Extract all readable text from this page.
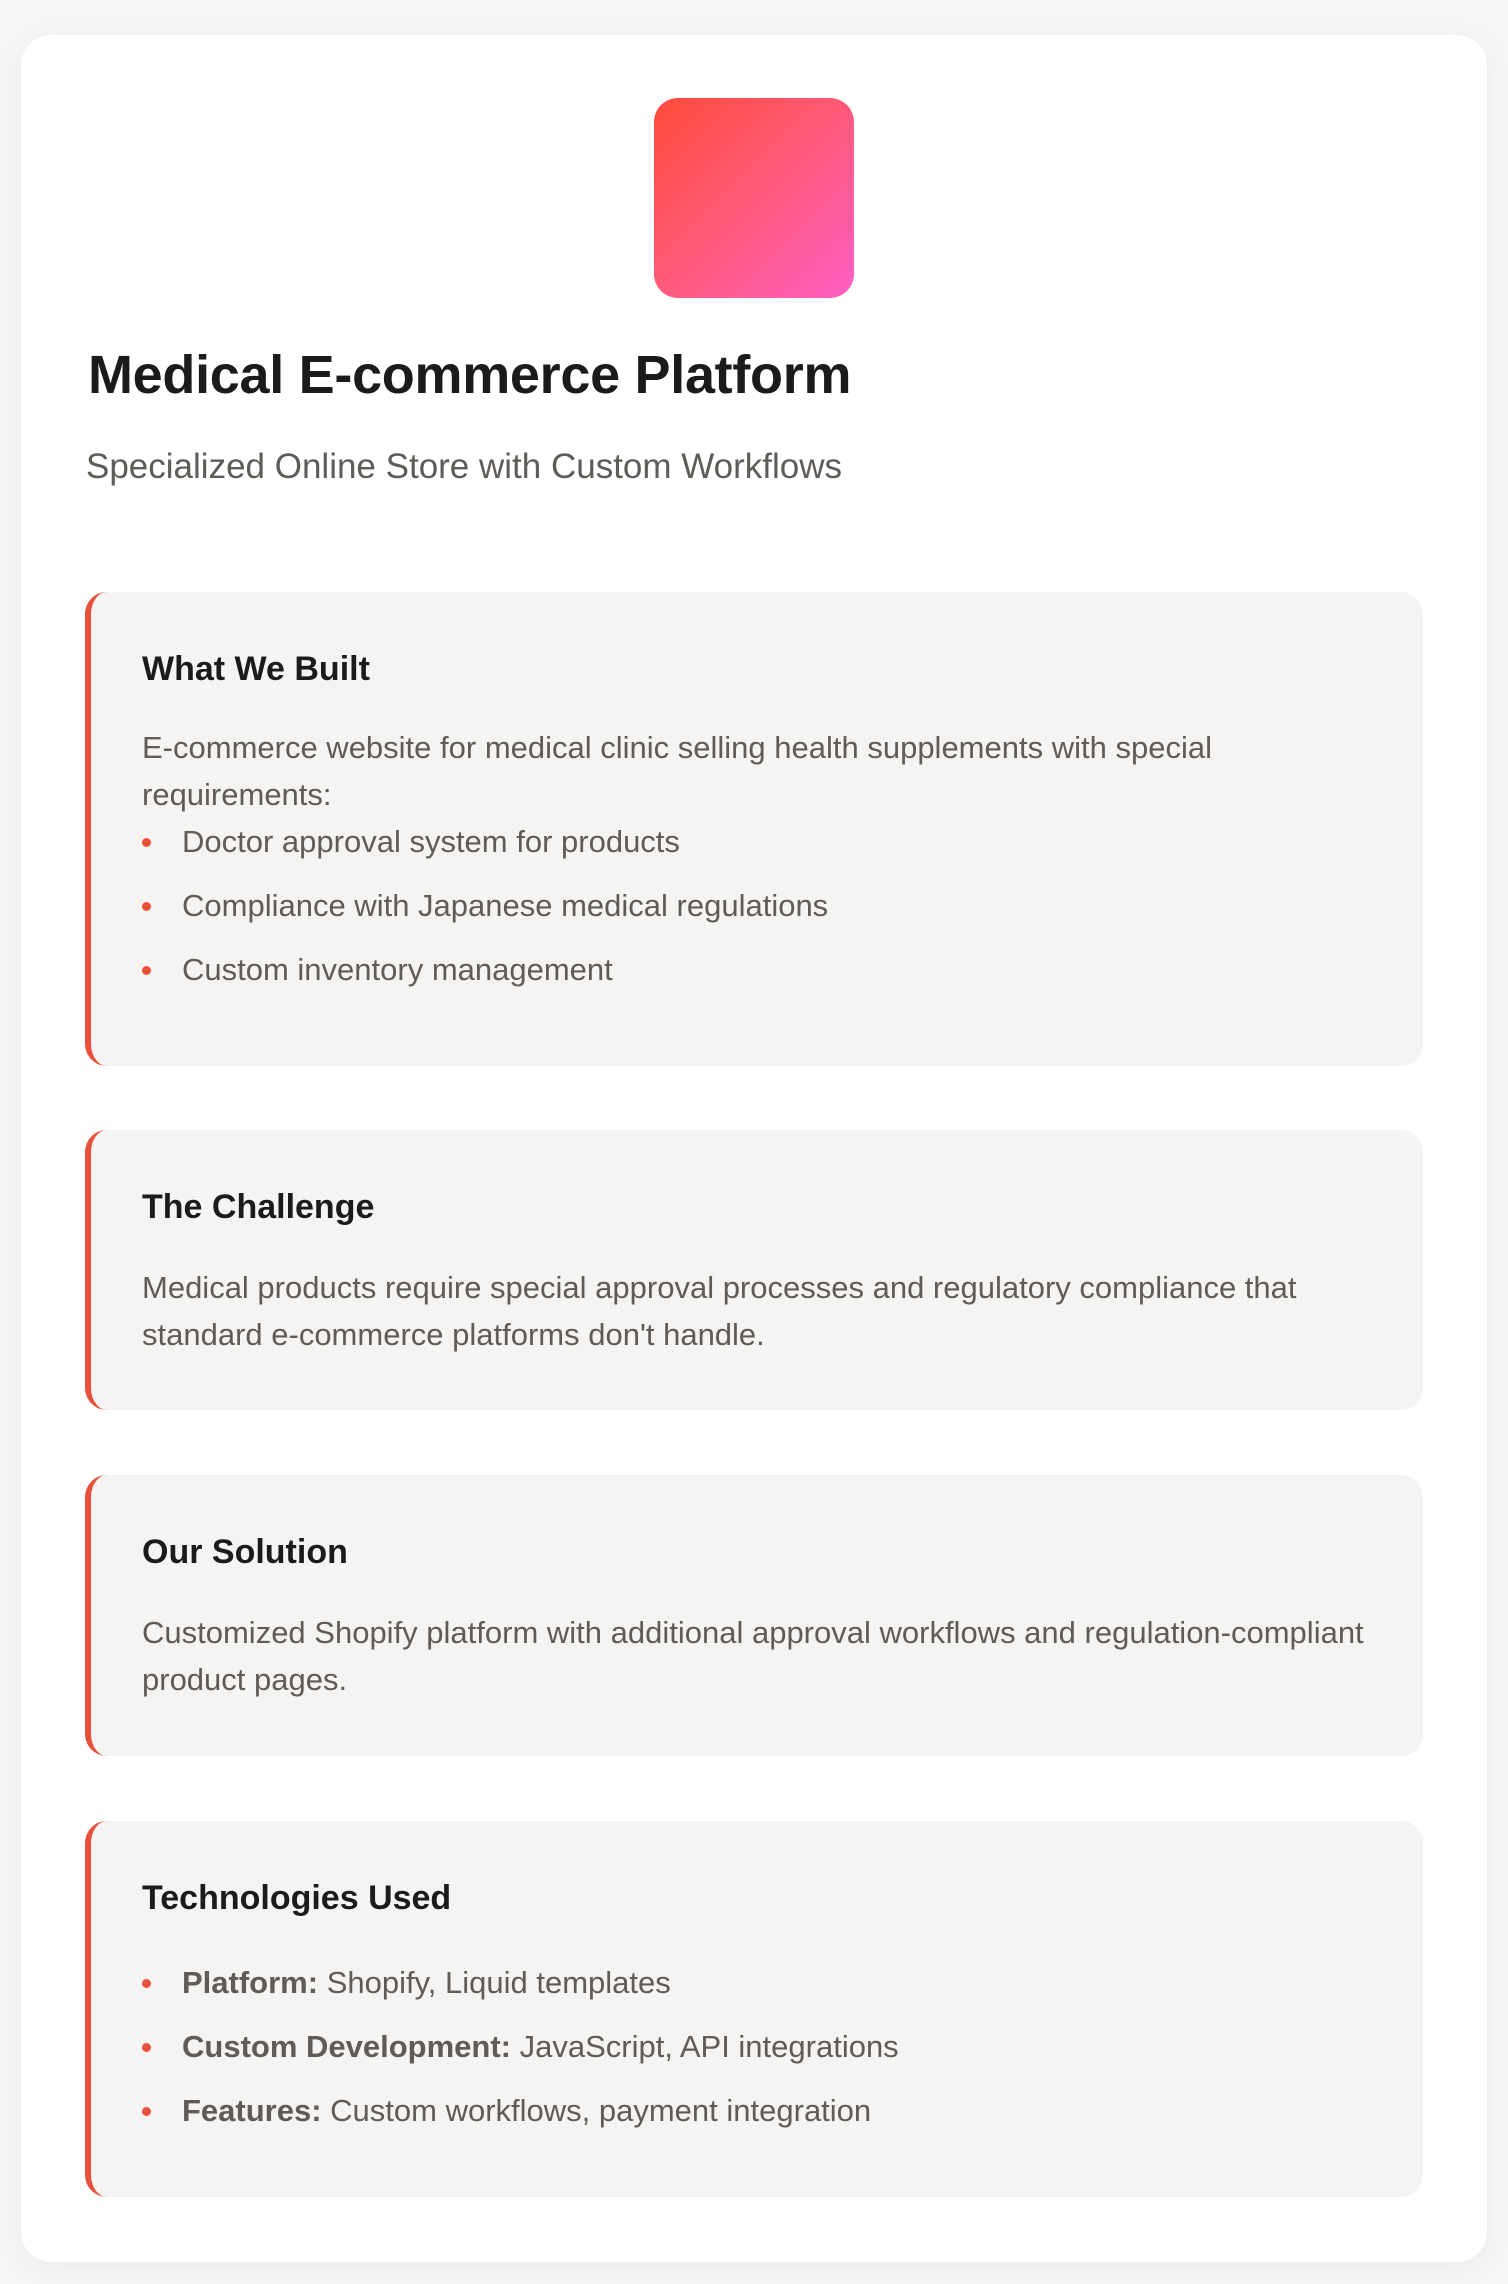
Medical E-commerce Platform
Specialized Online Store with Custom Workflows
What We Built

E-commerce website for medical clinic selling health supplements with special requirements:

Doctor approval system for products
Compliance with Japanese medical regulations
Custom inventory management
The Challenge

Medical products require special approval processes and regulatory compliance that standard e-commerce platforms don't handle.

Our Solution

Customized Shopify platform with additional approval workflows and regulation-compliant product pages.

Technologies Used
Platform: Shopify, Liquid templates
Custom Development: JavaScript, API integrations
Features: Custom workflows, payment integration
